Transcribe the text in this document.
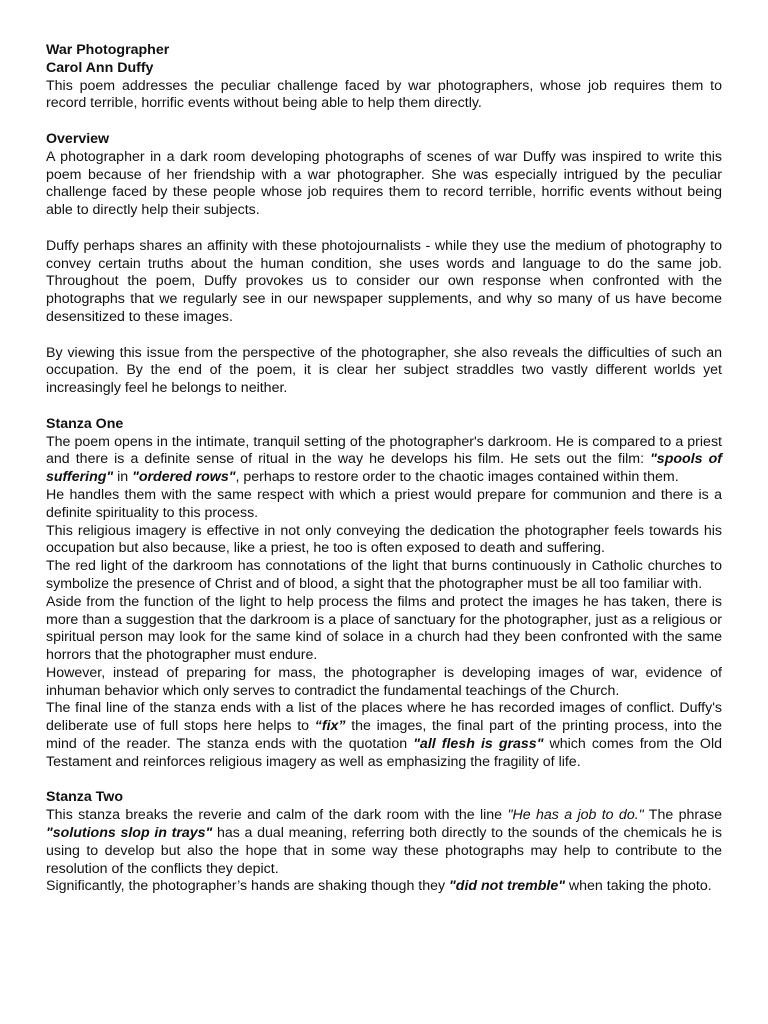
War Photographer
Carol Ann Duffy

This poem addresses the peculiar challenge faced by war photographers, whose job requires them to record terrible, horrific events without being able to help them directly.

Overview

A photographer in a dark room developing photographs of scenes of war Duffy was inspired to write this poem because of her friendship with a war photographer. She was especially intrigued by the peculiar challenge faced by these people whose job requires them to record terrible, horrific events without being able to directly help their subjects.

Duffy perhaps shares an affinity with these photojournalists - while they use the medium of photography to convey certain truths about the human condition, she uses words and language to do the same job. Throughout the poem, Duffy provokes us to consider our own response when confronted with the photographs that we regularly see in our newspaper supplements, and why so many of us have become desensitized to these images.

By viewing this issue from the perspective of the photographer, she also reveals the difficulties of such an occupation. By the end of the poem, it is clear her subject straddles two vastly different worlds yet increasingly feel he belongs to neither.

Stanza One

The poem opens in the intimate, tranquil setting of the photographer's darkroom. He is compared to a priest and there is a definite sense of ritual in the way he develops his film. He sets out the film: "spools of suffering" in "ordered rows", perhaps to restore order to the chaotic images contained within them.

He handles them with the same respect with which a priest would prepare for communion and there is a definite spirituality to this process.

This religious imagery is effective in not only conveying the dedication the photographer feels towards his occupation but also because, like a priest, he too is often exposed to death and suffering.

The red light of the darkroom has connotations of the light that burns continuously in Catholic churches to symbolize the presence of Christ and of blood, a sight that the photographer must be all too familiar with.

Aside from the function of the light to help process the films and protect the images he has taken, there is more than a suggestion that the darkroom is a place of sanctuary for the photographer, just as a religious or spiritual person may look for the same kind of solace in a church had they been confronted with the same horrors that the photographer must endure.

However, instead of preparing for mass, the photographer is developing images of war, evidence of inhuman behavior which only serves to contradict the fundamental teachings of the Church.

The final line of the stanza ends with a list of the places where he has recorded images of conflict. Duffy's deliberate use of full stops here helps to “fix” the images, the final part of the printing process, into the mind of the reader. The stanza ends with the quotation "all flesh is grass" which comes from the Old Testament and reinforces religious imagery as well as emphasizing the fragility of life.

Stanza Two

This stanza breaks the reverie and calm of the dark room with the line "He has a job to do." The phrase "solutions slop in trays" has a dual meaning, referring both directly to the sounds of the chemicals he is using to develop but also the hope that in some way these photographs may help to contribute to the resolution of the conflicts they depict.

Significantly, the photographer’s hands are shaking though they "did not tremble" when taking the photo.
